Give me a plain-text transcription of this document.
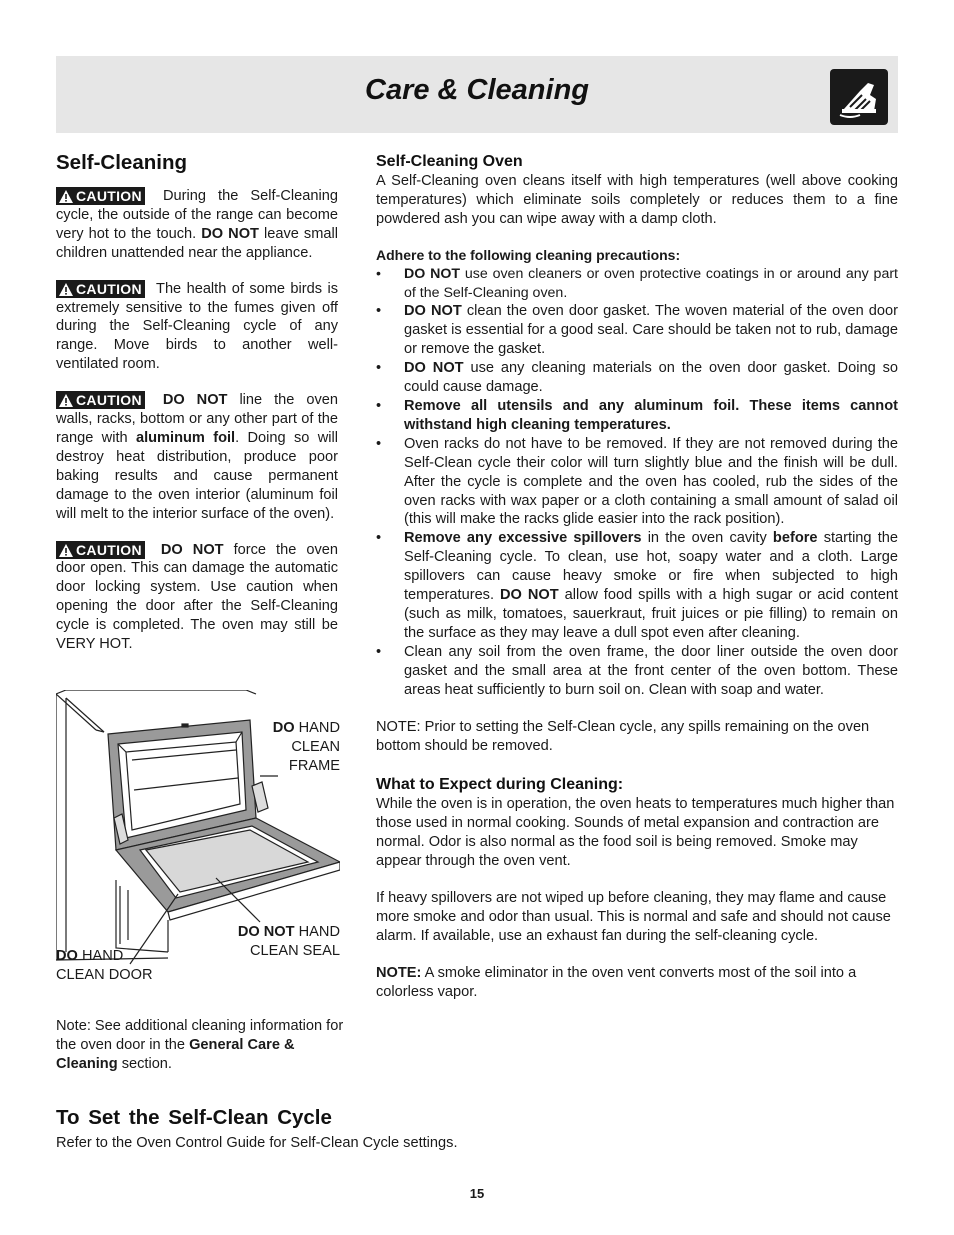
Care & Cleaning
Self-Cleaning

CAUTION During the Self-Cleaning cycle, the outside of the range can become very hot to the touch. DO NOT leave small children unattended near the appliance.

CAUTION The health of some birds is extremely sensitive to the fumes given off during the Self-Cleaning cycle of any range. Move birds to another well-ventilated room.

CAUTION DO NOT line the oven walls, racks, bottom or any other part of the range with aluminum foil. Doing so will destroy heat distribution, produce poor baking results and cause permanent damage to the oven interior (aluminum foil will melt to the interior surface of the oven).

CAUTION DO NOT force the oven door open. This can damage the automatic door locking system. Use caution when opening the door after the Self-Cleaning cycle is completed. The oven may still be VERY HOT.

DO HAND
CLEAN
FRAME
DO NOT HAND
CLEAN SEAL
DO HAND
CLEAN DOOR

Note: See additional cleaning information for the oven door in the General Care & Cleaning section.

Self-Cleaning Oven

A Self-Cleaning oven cleans itself with high temperatures (well above cooking temperatures) which eliminate soils completely or reduces them to a fine powdered ash you can wipe away with a damp cloth.

Adhere to the following cleaning precautions:

• DO NOT use oven cleaners or oven protective coatings in or around any part of the Self-Cleaning oven.
• DO NOT clean the oven door gasket. The woven material of the oven door gasket is essential for a good seal. Care should be taken not to rub, damage or remove the gasket.
• DO NOT use any cleaning materials on the oven door gasket. Doing so could cause damage.
• Remove all utensils and any aluminum foil. These items cannot withstand high cleaning temperatures.
• Oven racks do not have to be removed. If they are not removed during the Self-Clean cycle their color will turn slightly blue and the finish will be dull. After the cycle is complete and the oven has cooled, rub the sides of the oven racks with wax paper or a cloth containing a small amount of salad oil (this will make the racks glide easier into the rack position).
• Remove any excessive spillovers in the oven cavity before starting the Self-Cleaning cycle. To clean, use hot, soapy water and a cloth. Large spillovers can cause heavy smoke or fire when subjected to high temperatures. DO NOT allow food spills with a high sugar or acid content (such as milk, tomatoes, sauerkraut, fruit juices or pie filling) to remain on the surface as they may leave a dull spot even after cleaning.
• Clean any soil from the oven frame, the door liner outside the oven door gasket and the small area at the front center of the oven bottom. These areas heat sufficiently to burn soil on. Clean with soap and water.

NOTE: Prior to setting the Self-Clean cycle, any spills remaining on the oven bottom should be removed.

What to Expect during Cleaning:

While the oven is in operation, the oven heats to temperatures much higher than those used in normal cooking. Sounds of metal expansion and contraction are normal. Odor is also normal as the food soil is being removed. Smoke may appear through the oven vent.

If heavy spillovers are not wiped up before cleaning, they may flame and cause more smoke and odor than usual. This is normal and safe and should not cause alarm. If available, use an exhaust fan during the self-cleaning cycle.

NOTE: A smoke eliminator in the oven vent converts most of the soil into a colorless vapor.

To Set the Self-Clean Cycle

Refer to the Oven Control Guide for Self-Clean Cycle settings.

15
